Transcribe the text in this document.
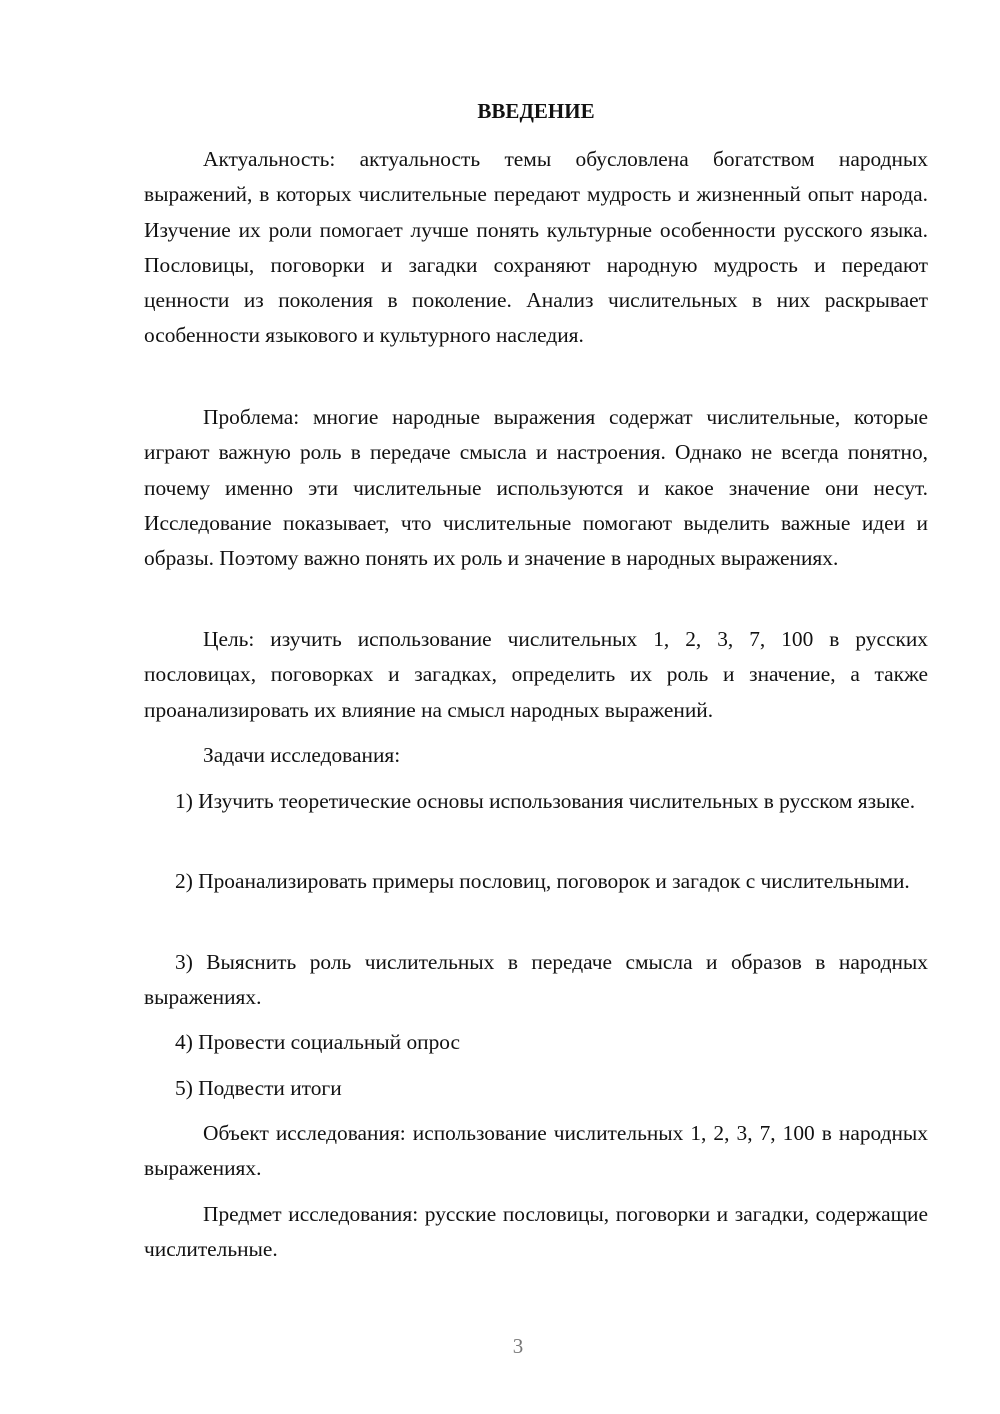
ВВЕДЕНИЕ

Актуальность: актуальность темы обусловлена богатством народных выражений, в которых числительные передают мудрость и жизненный опыт народа. Изучение их роли помогает лучше понять культурные особенности русского языка. Пословицы, поговорки и загадки сохраняют народную мудрость и передают ценности из поколения в поколение. Анализ числительных в них раскрывает особенности языкового и культурного наследия.

Проблема: многие народные выражения содержат числительные, которые играют важную роль в передаче смысла и настроения. Однако не всегда понятно, почему именно эти числительные используются и какое значение они несут. Исследование показывает, что числительные помогают выделить важные идеи и образы. Поэтому важно понять их роль и значение в народных выражениях.

Цель: изучить использование числительных 1, 2, 3, 7, 100 в русских пословицах, поговорках и загадках, определить их роль и значение, а также проанализировать их влияние на смысл народных выражений.

Задачи исследования:

1) Изучить теоретические основы использования числительных в русском языке.

2) Проанализировать примеры пословиц, поговорок и загадок с числительными.

3) Выяснить роль числительных в передаче смысла и образов в народных выражениях.

4) Провести социальный опрос

5) Подвести итоги

Объект исследования: использование числительных 1, 2, 3, 7, 100 в народных выражениях.

Предмет исследования: русские пословицы, поговорки и загадки, содержащие числительные.

3
